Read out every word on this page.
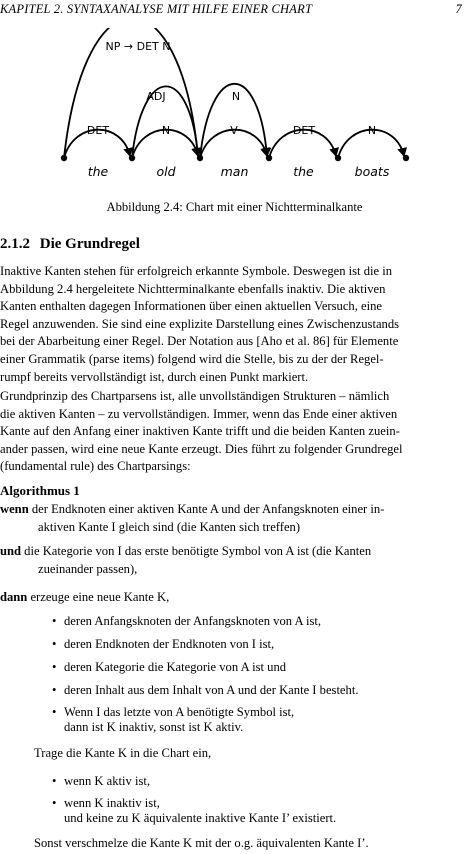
KAPITEL 2. SYNTAXANALYSE MIT HILFE EINER CHART	7
DET	N
ADJ
NP → DET N
V
N
DET	N
the	old	man	the	boats
Abbildung 2.4: Chart mit einer Nichtterminalkante
2.1.2 Die Grundregel
Inaktive Kanten stehen für erfolgreich erkannte Symbole. Deswegen ist die in
Abbildung 2.4 hergeleitete Nichtterminalkante ebenfalls inaktiv. Die aktiven
Kanten enthalten dagegen Informationen über einen aktuellen Versuch, eine
Regel anzuwenden. Sie sind eine explizite Darstellung eines Zwischenzustands
bei der Abarbeitung einer Regel. Der Notation aus [Aho et al. 86] für Elemente
einer Grammatik (parse items) folgend wird die Stelle, bis zu der der Regel-
rumpf bereits vervollständigt ist, durch einen Punkt markiert.
Grundprinzip des Chartparsens ist, alle unvollständigen Strukturen – nämlich
die aktiven Kanten – zu vervollständigen. Immer, wenn das Ende einer aktiven
Kante auf den Anfang einer inaktiven Kante trifft und die beiden Kanten zuein-
ander passen, wird eine neue Kante erzeugt. Dies führt zu folgender Grundregel
(fundamental rule) des Chartparsings:
Algorithmus 1
wenn der Endknoten einer aktiven Kante A und der Anfangsknoten einer in-
aktiven Kante I gleich sind (die Kanten sich treffen)
und die Kategorie von I das erste benötigte Symbol von A ist (die Kanten
zueinander passen),
dann erzeuge eine neue Kante K,
• deren Anfangsknoten der Anfangsknoten von A ist,
• deren Endknoten der Endknoten von I ist,
• deren Kategorie die Kategorie von A ist und
• deren Inhalt aus dem Inhalt von A und der Kante I besteht.
• Wenn I das letzte von A benötigte Symbol ist,
dann ist K inaktiv, sonst ist K aktiv.
Trage die Kante K in die Chart ein,
• wenn K aktiv ist,
• wenn K inaktiv ist,
und keine zu K äquivalente inaktive Kante I’ existiert.
Sonst verschmelze die Kante K mit der o.g. äquivalenten Kante I’.
